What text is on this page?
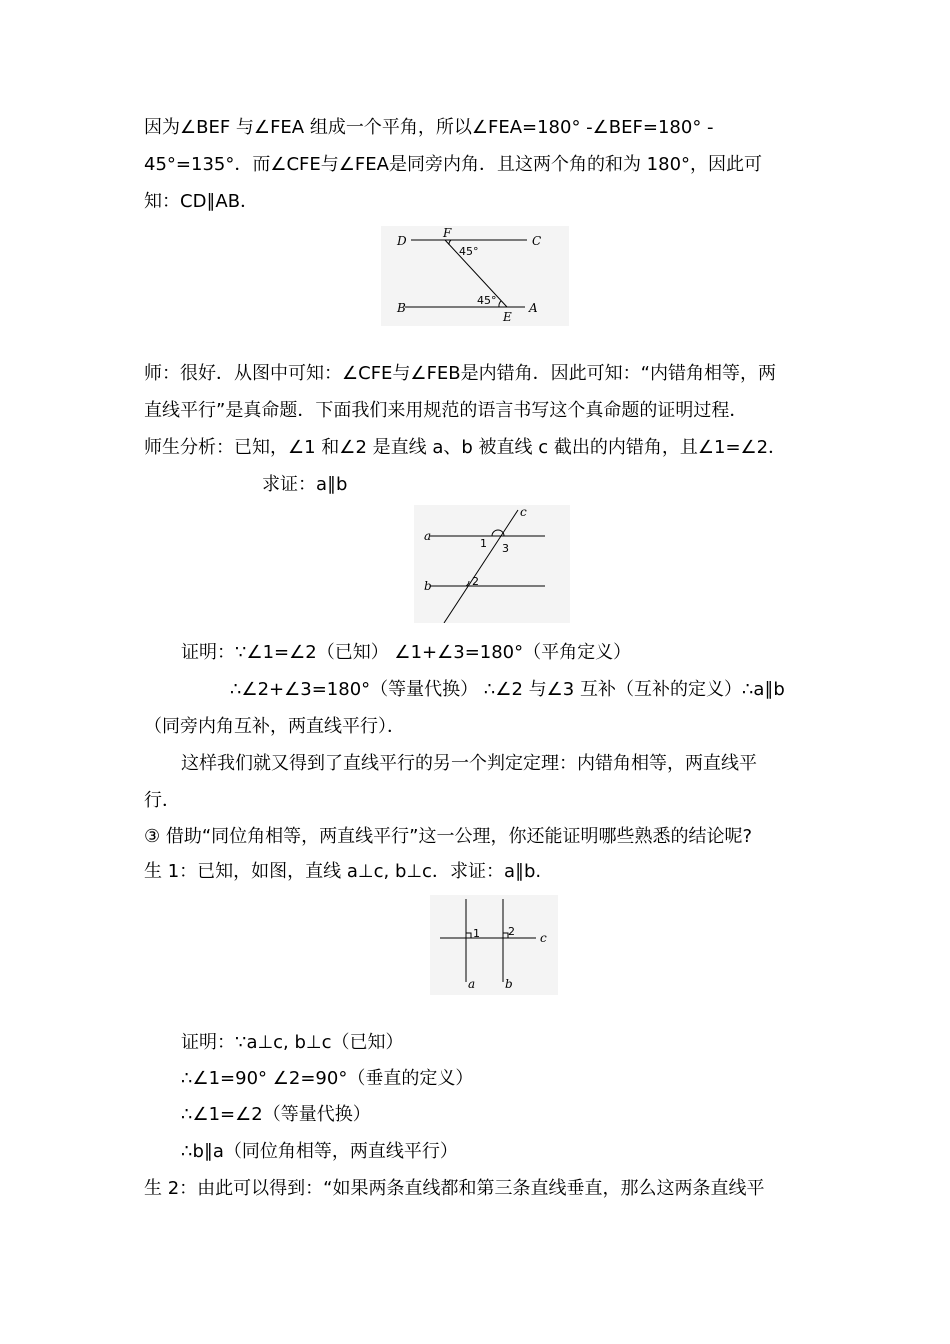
因为∠BEF 与∠FEA 组成一个平角，所以∠FEA=180° -∠BEF=180° -
45°=135°．而∠CFE与∠FEA是同旁内角．且这两个角的和为 180°，因此可
知：CD∥AB．
D
F
C
B
E
A
45°
45°
师：很好．从图中可知：∠CFE与∠FEB是内错角．因此可知：“内错角相等，两
直线平行”是真命题．下面我们来用规范的语言书写这个真命题的证明过程．
师生分析：已知，∠1 和∠2 是直线 a、b 被直线 c 截出的内错角，且∠1=∠2．
求证：a∥b
a
b
c
1 3
2
证明：∵∠1=∠2（已知） ∠1+∠3=180°（平角定义）
∴∠2+∠3=180°（等量代换） ∴∠2 与∠3 互补（互补的定义）∴a∥b
（同旁内角互补，两直线平行）．
这样我们就又得到了直线平行的另一个判定定理：内错角相等，两直线平
行．
③ 借助“同位角相等，两直线平行”这一公理，你还能证明哪些熟悉的结论呢?
生 1：已知，如图，直线 a⊥c, b⊥c．求证：a∥b.
c
a b
1	2
证明：∵a⊥c, b⊥c（已知）
∴∠1=90° ∠2=90°（垂直的定义）
∴∠1=∠2（等量代换）
∴b∥a（同位角相等，两直线平行）
生 2：由此可以得到：“如果两条直线都和第三条直线垂直，那么这两条直线平
